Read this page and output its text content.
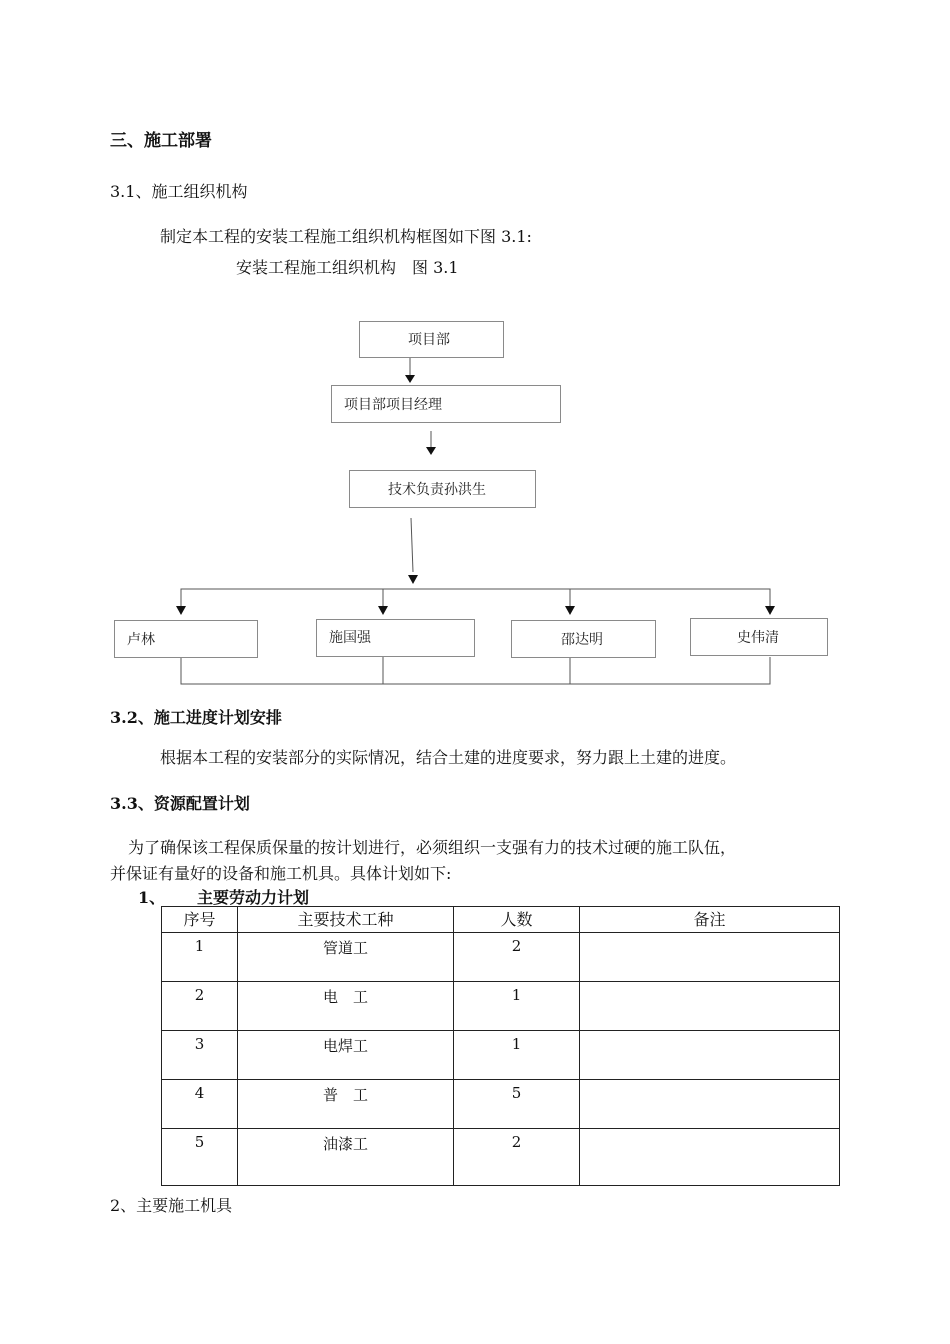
三、施工部署
3.1、施工组织机构
制定本工程的安装工程施工组织机构框图如下图 3.1:
安装工程施工组织机构　图 3.1
项目部
项目部项目经理
技术负责孙洪生
卢林	施国强	邵达明	史伟清
3.2、施工进度计划安排
根据本工程的安装部分的实际情况，结合土建的进度要求，努力跟上土建的进度。
3.3、资源配置计划
为了确保该工程保质保量的按计划进行，必须组织一支强有力的技术过硬的施工队伍，
并保证有量好的设备和施工机具。具体计划如下:
1、 主要劳动力计划
序号	主要技术工种	人数	备注
1	管道工	2	
2	电　工	1	
3	电焊工	1	
4	普　工	5	
5	油漆工	2	
2、主要施工机具
